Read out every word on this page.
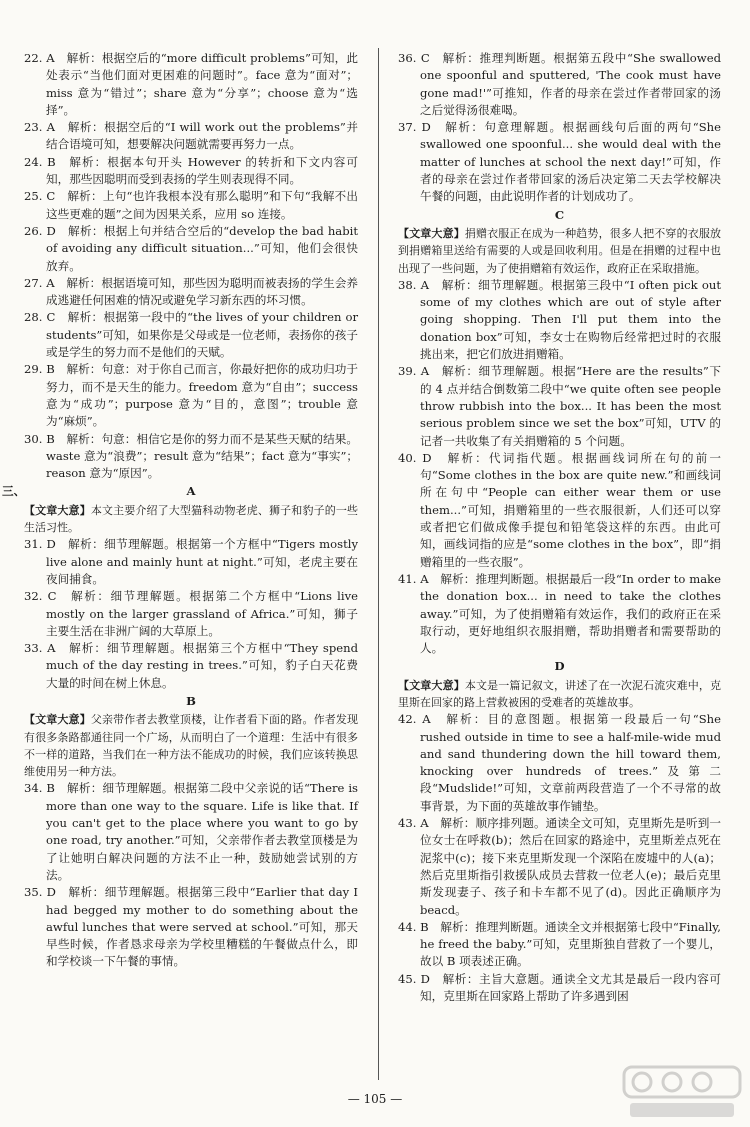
22. A　解析：根据空后的“more difficult problems”可知，此处表示“当他们面对更困难的问题时”。face 意为“面对”；miss 意为“错过”；share 意为“分享”；choose 意为“选择”。

23. A　解析：根据空后的“I will work out the problems”并结合语境可知，想要解决问题就需要再努力一点。

24. B　解析：根据本句开头 However 的转折和下文内容可知，那些因聪明而受到表扬的学生则表现得不同。

25. C　解析：上句“也许我根本没有那么聪明”和下句“我解不出这些更难的题”之间为因果关系，应用 so 连接。

26. D　解析：根据上句并结合空后的“develop the bad habit of avoiding any difficult situation...”可知，他们会很快放弃。

27. A　解析：根据语境可知，那些因为聪明而被表扬的学生会养成逃避任何困难的情况或避免学习新东西的坏习惯。

28. C　解析：根据第一段中的“the lives of your children or students”可知，如果你是父母或是一位老师，表扬你的孩子或是学生的努力而不是他们的天赋。

29. B　解析：句意：对于你自己而言，你最好把你的成功归功于努力，而不是天生的能力。freedom 意为“自由”；success 意为“成功”；purpose 意为“目的，意图”；trouble 意为“麻烦”。

30. B　解析：句意：相信它是你的努力而不是某些天赋的结果。waste 意为“浪费”；result 意为“结果”；fact 意为“事实”；reason 意为“原因”。

三、	A

【文章大意】本文主要介绍了大型猫科动物老虎、狮子和豹子的一些生活习性。

31. D　解析：细节理解题。根据第一个方框中“Tigers mostly live alone and mainly hunt at night.”可知，老虎主要在夜间捕食。

32. C　解析：细节理解题。根据第二个方框中“Lions live mostly on the larger grassland of Africa.”可知，狮子主要生活在非洲广阔的大草原上。

33. A　解析：细节理解题。根据第三个方框中“They spend much of the day resting in trees.”可知，豹子白天花费大量的时间在树上休息。

B

【文章大意】父亲带作者去教堂顶楼，让作者看下面的路。作者发现有很多条路都通往同一个广场，从而明白了一个道理：生活中有很多不一样的道路，当我们在一种方法不能成功的时候，我们应该转换思维使用另一种方法。

34. B　解析：细节理解题。根据第二段中父亲说的话“There is more than one way to the square. Life is like that. If you can't get to the place where you want to go by one road, try another.”可知，父亲带作者去教堂顶楼是为了让她明白解决问题的方法不止一种，鼓励她尝试别的方法。

35. D　解析：细节理解题。根据第三段中“Earlier that day I had begged my mother to do something about the awful lunches that were served at school.”可知，那天早些时候，作者恳求母亲为学校里糟糕的午餐做点什么，即和学校谈一下午餐的事情。

36. C　解析：推理判断题。根据第五段中“She swallowed one spoonful and sputtered, 'The cook must have gone mad!'”可推知，作者的母亲在尝过作者带回家的汤之后觉得汤很难喝。

37. D　解析：句意理解题。根据画线句后面的两句“She swallowed one spoonful... she would deal with the matter of lunches at school the next day!”可知，作者的母亲在尝过作者带回家的汤后决定第二天去学校解决午餐的问题，由此说明作者的计划成功了。

C

【文章大意】捐赠衣服正在成为一种趋势，很多人把不穿的衣服放到捐赠箱里送给有需要的人或是回收利用。但是在捐赠的过程中也出现了一些问题，为了使捐赠箱有效运作，政府正在采取措施。

38. A　解析：细节理解题。根据第三段中“I often pick out some of my clothes which are out of style after going shopping. Then I'll put them into the donation box”可知，李女士在购物后经常把过时的衣服挑出来，把它们放进捐赠箱。

39. A　解析：细节理解题。根据“Here are the results”下的 4 点并结合倒数第二段中“we quite often see people throw rubbish into the box... It has been the most serious problem since we set the box”可知，UTV 的记者一共收集了有关捐赠箱的 5 个问题。

40. D　解析：代词指代题。根据画线词所在句的前一句“Some clothes in the box are quite new.”和画线词所在句中“People can either wear them or use them...”可知，捐赠箱里的一些衣服很新，人们还可以穿或者把它们做成像手提包和铅笔袋这样的东西。由此可知，画线词指的应是“some clothes in the box”，即“捐赠箱里的一些衣服”。

41. A　解析：推理判断题。根据最后一段“In order to make the donation box... in need to take the clothes away.”可知，为了使捐赠箱有效运作，我们的政府正在采取行动，更好地组织衣服捐赠，帮助捐赠者和需要帮助的人。

D

【文章大意】本文是一篇记叙文，讲述了在一次泥石流灾难中，克里斯在回家的路上营救被困的受难者的英雄故事。

42. A　解析：目的意图题。根据第一段最后一句“She rushed outside in time to see a half-mile-wide mud and sand thundering down the hill toward them, knocking over hundreds of trees.”及第二段“Mudslide!”可知，文章前两段营造了一个不寻常的故事背景，为下面的英雄故事作铺垫。

43. A　解析：顺序排列题。通读全文可知，克里斯先是听到一位女士在呼救(b)；然后在回家的路途中，克里斯差点死在泥浆中(c)；接下来克里斯发现一个深陷在废墟中的人(a)；然后克里斯指引救援队成员去营救一位老人(e)；最后克里斯发现妻子、孩子和卡车都不见了(d)。因此正确顺序为 beacd。

44. B　解析：推理判断题。通读全文并根据第七段中“Finally, he freed the baby.”可知，克里斯独自营救了一个婴儿，故以 B 项表述正确。

45. D　解析：主旨大意题。通读全文尤其是最后一段内容可知，克里斯在回家路上帮助了许多遇到困

— 105 —
